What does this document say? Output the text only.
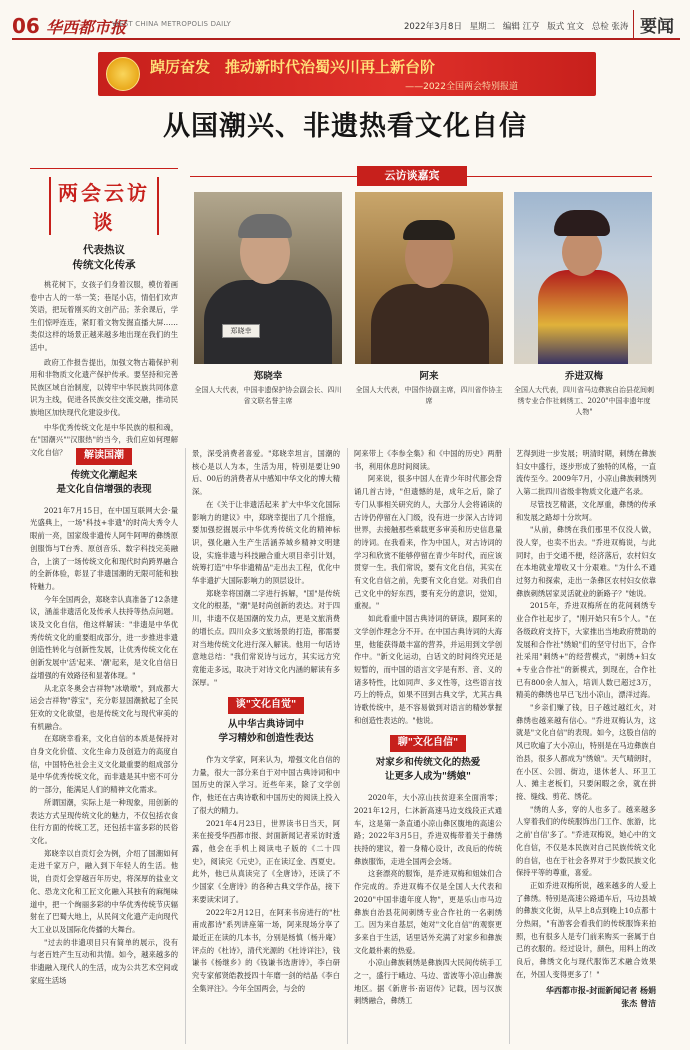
06 华西都市报
WEST CHINA METROPOLIS DAILY	2022年3月8日 星期二 编辑 江亨 版式 宜文 总检 张涛 要闻
踔厉奋发　推动新时代治蜀兴川再上新台阶
——2022全国两会特别报道
从国潮兴、非遗热看文化自信
两会云访谈
代表热议
传统文化传承

桃花树下，女孩子们身着汉服，模仿着画卷中古人的一举一笑；巷尾小店，情侣们欢声笑语，把玩着刚买的文创产品；茶余课后，学生们惊呼连连，紧盯着文物发掘直播大屏……类似这样的场景正越来越多地出现在我们的生活中。

政府工作报告提出，加强文物古籍保护利用和非物质文化遗产保护传承。要坚持和完善民族区域自治制度，以铸牢中华民族共同体意识为主线，促进各民族交往交流交融，推动民族地区加快现代化建设步伐。

中华优秀传统文化是中华民族的根和魂，在"国潮兴""汉服热"的当今，我们应如何理解文化自信？

云访谈嘉宾
郑晓幸
郑晓幸
全国人大代表，中国非遗保护协会副会长、四川省文联名誉主席
阿来
全国人大代表，中国作协副主席，四川省作协主席
乔进双梅
全国人大代表，四川省马边彝族自治县花间刺绣专业合作社刺绣工、2020"中国非遗年度人物"
解读国潮
传统文化潮起来
是文化自信增强的表现

2021年7月15日，在中国互联网大会·量光盛典上，一场"科技+非遗"的时尚大秀令人眼前一亮，国家级非遗传人阿牛阿呷的彝绣原创服饰与T台秀、原创音乐、数字科技完美融合，上演了一场传统文化和现代时尚跨界融合的全新体验，彰显了非遗国潮的无限可能和独特魅力。

今年全国两会，郑晓幸认真准备了12条建议，涵盖非遗活化及传承人扶持等热点问题。谈及文化自信，他这样解读："非遗是中华优秀传统文化的重要组成部分，进一步推进非遗创造性转化与创新性发展，让优秀传统文化在创新发展中'活'起来、'潮'起来，是文化自信日益增强的有效路径和显著体现。"

从北京冬奥会吉祥物"冰墩墩"，到成都大运会吉祥物"蓉宝"，充分彰显国潮掀起了全民狂欢的文化欲望，也是传统文化与现代审美的有机融合。

在郑晓幸看来，文化自信的本质是保持对自身文化价值、文化生命力及创造力的高度自信，中国特色社会主义文化最重要的组成部分是中华优秀传统文化，而非遗是其中密不可分的一部分，能满足人们的精神文化需求。

所谓国潮，实际上是一种现象，用创新的表达方式呈现传统文化的魅力，不仅包括衣食住行方面的传统工艺，还包括丰富多彩的民俗文化。

郑晓幸以自贡灯会为例，介绍了国潮如何走进千家万户，融入到下年轻人的生活。他说，自贡灯会穿越百年历史，将深厚的盐业文化、恐龙文化和工匠文化融入其独有的麻绳味道中，把一个绚丽多彩的中华优秀传统节庆辐射在了巴蜀大地上，从民间文化遗产走向现代大工业以及国际化传播的大舞台。

"过去的非遗项目只有简单的展示，没有与老百姓产生互动和共情。如今，越来越多的非遗融入现代人的生活，成为公共艺术空间或家庭生活场

景，深受消费者喜爱。"郑晓幸坦言，国潮的核心是以人为本，生活为用，特别是要让90后、00后的消费者从中感知中华文化的博大精深。

在《关于让非遗活起来 扩大中华文化国际影响力的建议》中，郑晓幸提出了几个措施，要加强挖掘展示中华优秀传统文化的精神标识，强化融入生产生活涵养城乡精神文明建设，实施非遗与科技融合重大项目牵引计划，统筹打造"中华非遗精品"走出去工程，优化中华非遗扩大国际影响力的顶层设计。

郑晓幸将国潮二字进行拆解，"国"是传统文化的根基，"潮"是时尚创新的表达。对于四川，非遗不仅是国潮的发力点，更是文旅消费的增长点。四川众多文旅场景的打造，都需要对当地传统文化进行深入解读。他用一句话诗意地总结："我们常说诗与远方，其实远方究竟能走多远，取决于对诗文化内涵的解读有多深厚。"

谈"文化自觉"
从中华古典诗词中
学习精妙和创造性表达

作为文学家，阿来认为，增强文化自信的力量，很大一部分来自于对中国古典诗词和中国历史的深入学习。近些年来，除了文学创作，他还在古典诗歌和中国历史的阅读上投入了很大的精力。

2021年4月23日，世界读书日当天，阿来在接受华西都市报、封面新闻记者采访时透露，他会在手机上阅读电子版的《二十四史》，阅读完《元史》，正在读辽金、西夏史。此外，他已从真读完了《全唐诗》，还读了不少国家《全唐诗》的各种古典文学作品，接下来要读宋词了。

2022年2月12日，在阿来书房进行的"杜甫成都诗"系列讲座第一场，阿来现场分享了最近正在读的几本书，分别是杨慎（杨升庵）评点的《杜诗》，清代光源的《杜诗详注》，钱谦书《杨继乡》的《钱谦书选唐诗》，李白研究专家郁贤皓教授四十年磨一剑的结晶《李白全集评注》。今年全国两会，与会的

阿来带上《李参全集》和《中国的历史》两册书，利用休息时间阅读。

阿来说，很多中国人在青少年时代都会背诵几首古诗，"但遗憾的是，成年之后，除了专门从事相关研究的人，大部分人会将诵读的古诗仍停留在入门级，没有进一步深入古诗词世界，去接触那些乘载更多审美和历史信息量的诗词。在我看来，作为中国人，对古诗词的学习和欣赏不能够停留在青少年时代，而应该贯穿一生。我们常说，要有文化自信，其实在有文化自信之前，先要有文化自觉。对我们自己文化中的好东西，要有充分的意识，觉知，重视。"

如此看重中国古典诗词的研读，跟阿来的文学创作理念分不开。在中国古典诗词的大海里，他能获得最丰富的营养，并运用到文学创作中。"新文化运动，白话文的时间终究还是短暂的，而中国的语言文字是有形、音、义的诸多特性，比如同声、多义性等，这些语言技巧上的特点，如果不回到古典文学，尤其古典诗歌传统中，是不容易做到对语言的精妙掌握和创造性表达的。"他说。

聊"文化自信"
对家乡和传统文化的热爱
让更多人成为"绣娘"

2020年，大小凉山扶贫迎来全面消零；2021年12月，仁沐新高速马边支线段正式通车，这是第一条直通小凉山彝区腹地的高速公路；2022年3月5日，乔进双梅带着关于彝绣扶持的建议，着一身精心设计，改良后的传统彝族服饰，走进全国两会会场。

这套漂亮的服饰，是乔进双梅和姐妹们合作完成的。乔进双梅不仅是全国人大代表和2020"中国非遗年度人物"，更是乐山市马边彝族自治县花间刺绣专业合作社的一名刺绣工。因为来自基层，她对"文化自信"的观察更多来自于生活，话里话外充满了对家乡和彝族文化最朴素的热爱。

小凉山彝族刺绣是彝族四大民间传统手工之一，盛行于峨边、马边、雷波等小凉山彝族地区。据《新唐书·南诏传》记载，因与汉族刺绣融合，彝绣工

艺得到进一步发展；明清时期，刺绣在彝族妇女中盛行，逐步形成了独特的风格，一直流传至今。2009年7月，小凉山彝族刺绣列入第二批四川省级非物质文化遗产名录。

尽管技艺精湛，文化厚重，彝绣的传承和发展之路却十分坎坷。

"从前，彝绣在我们那里不仅没人做，没人穿，也卖不出去。"乔进双梅说，与此同时，由于交通不便，经济落后，农村妇女在本地就业增收又十分艰难。"为什么不通过努力和探索，走出一条彝区农村妇女依靠彝族刺绣居家灵活就业的新路子？"她说。

2015年，乔进双梅所在的花间刺绣专业合作社起步了，"刚开始只有5个人。"在各级政府支持下，大家推出当地政府赞助的发展和合作社"绣娘"们的坚守付出下，合作社采用"刺绣+"的经营模式，"刺绣+妇女+专业合作社"的新模式，到现在，合作社已有800余人加入，培训人数已超过3万，精美的彝绣也早已飞出小凉山，漂洋过海。

"乡亲们赚了钱，日子越过越红火，对彝绣也越来越有信心。"乔进双梅认为，这就是"文化自信"的表现。如今，这股自信的风已吹遍了大小凉山，特别是在马边彝族自治县，很多人都成为"绣娘"。天气晴朗时，在小区、公园、街边，退休老人、环卫工人、摊主老板们，只要闲暇之余，就在拼接、缝线、剪花、绣花。

"绣的人多，穿的人也多了。越来越多人穿着我们的传统服饰出门工作、旅游，比之前'自信'多了。"乔进双梅说，她心中的文化自信，不仅是本民族对自己民族传统文化的自信，也在于社会各界对于少数民族文化保持平等的尊重，喜爱。

正如乔进双梅所说，越来越多的人爱上了彝绣。特别是高速公路通车后，马边县城的彝族文化街，从早上8点到晚上10点都十分热闹，"有游客会看我们的传统服饰来拍照，也有很多人是专门前来购买一套属于自己的衣服的。经过设计，颜色，用料上的改良后，彝绣文化与现代服饰艺术融合效果在，外国人变得更多了！"

华西都市报-封面新闻记者 杨娟
张杰 曾洁
